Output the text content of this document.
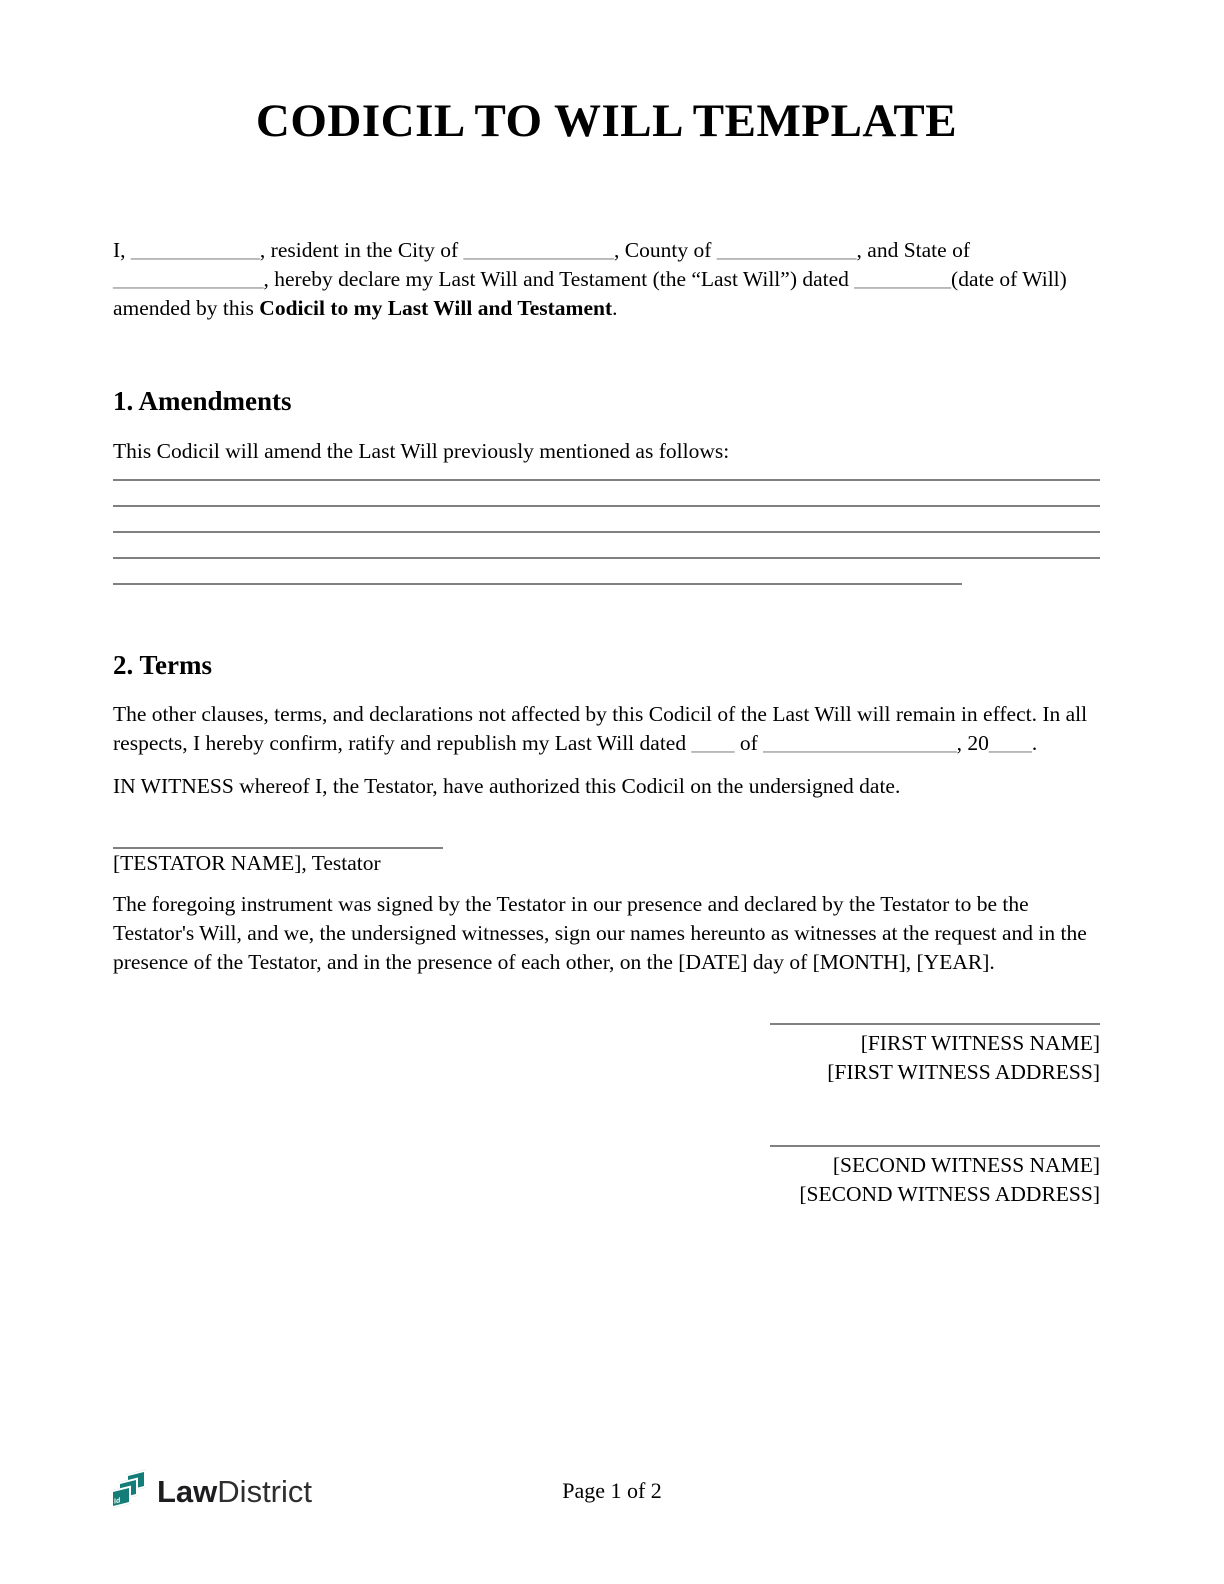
CODICIL TO WILL TEMPLATE

I, ____________, resident in the City of ______________, County of _____________, and State of ______________, hereby declare my Last Will and Testament (the “Last Will”) dated _________(date of Will) amended by this Codicil to my Last Will and Testament.

1. Amendments

This Codicil will amend the Last Will previously mentioned as follows:

2. Terms

The other clauses, terms, and declarations not affected by this Codicil of the Last Will will remain in effect. In all respects, I hereby confirm, ratify and republish my Last Will dated ____ of __________________, 20____.

IN WITNESS whereof I, the Testator, have authorized this Codicil on the undersigned date.

[TESTATOR NAME], Testator

The foregoing instrument was signed by the Testator in our presence and declared by the Testator to be the Testator's Will, and we, the undersigned witnesses, sign our names hereunto as witnesses at the request and in the presence of the Testator, and in the presence of each other, on the [DATE] day of [MONTH], [YEAR].

[FIRST WITNESS NAME]

[FIRST WITNESS ADDRESS]

[SECOND WITNESS NAME]

[SECOND WITNESS ADDRESS]

ld LawDistrict	Page 1 of 2
